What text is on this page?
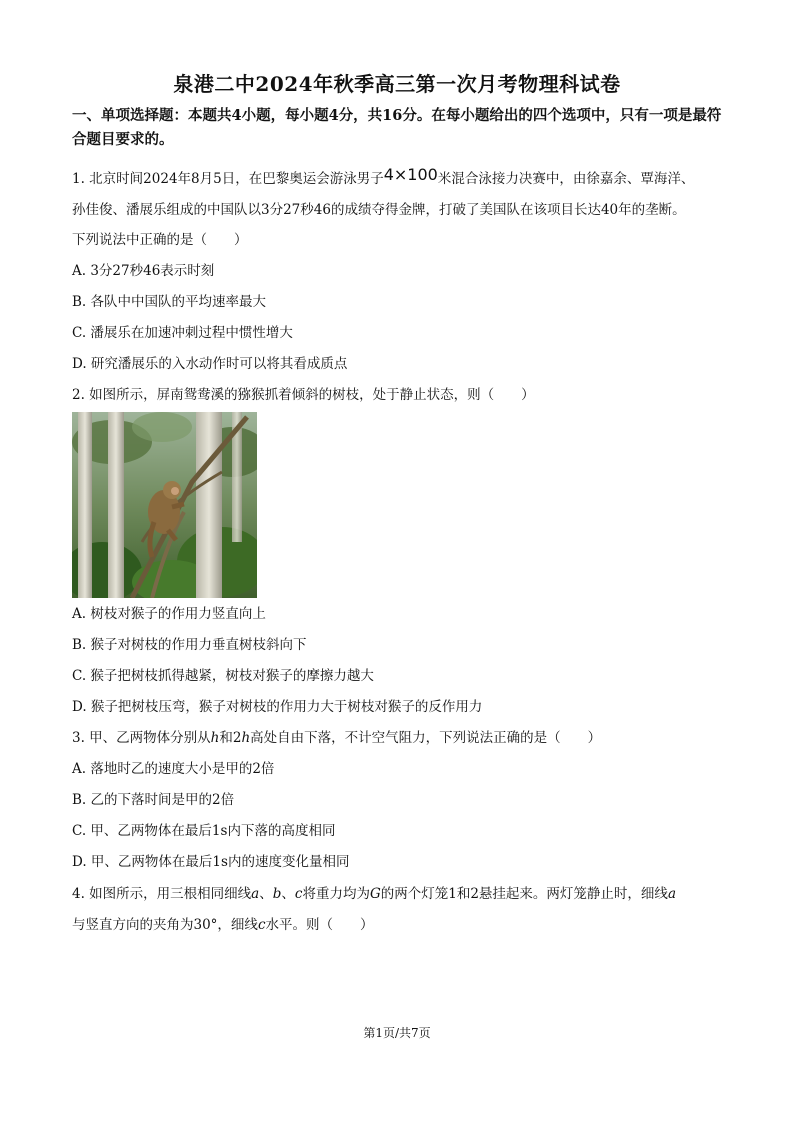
泉港二中2024年秋季高三第一次月考物理科试卷
一、单项选择题：本题共4小题，每小题4分，共16分。在每小题给出的四个选项中，只有一项是最符合题目要求的。
1. 北京时间2024年8月5日，在巴黎奥运会游泳男子4×100米混合泳接力决赛中，由徐嘉余、覃海洋、
孙佳俊、潘展乐组成的中国队以3分27秒46的成绩夺得金牌，打破了美国队在该项目长达40年的垄断。
下列说法中正确的是（　　）
A. 3分27秒46表示时刻
B. 各队中中国队的平均速率最大
C. 潘展乐在加速冲刺过程中惯性增大
D. 研究潘展乐的入水动作时可以将其看成质点
2. 如图所示，屏南鸳鸯溪的猕猴抓着倾斜的树枝，处于静止状态，则（　　）
A. 树枝对猴子的作用力竖直向上
B. 猴子对树枝的作用力垂直树枝斜向下
C. 猴子把树枝抓得越紧，树枝对猴子的摩擦力越大
D. 猴子把树枝压弯，猴子对树枝的作用力大于树枝对猴子的反作用力
3. 甲、乙两物体分别从h和2h高处自由下落，不计空气阻力，下列说法正确的是（　　）
A. 落地时乙的速度大小是甲的2倍
B. 乙的下落时间是甲的2倍
C. 甲、乙两物体在最后1s内下落的高度相同
D. 甲、乙两物体在最后1s内的速度变化量相同
4. 如图所示，用三根相同细线a、b、c将重力均为G的两个灯笼1和2悬挂起来。两灯笼静止时，细线a
与竖直方向的夹角为30°，细线c水平。则（　　）
第1页/共7页
